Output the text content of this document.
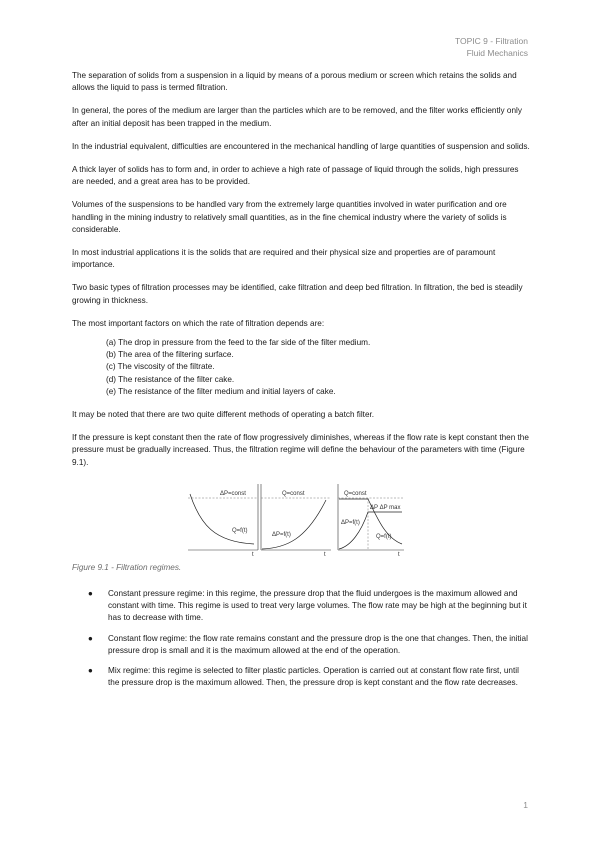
TOPIC 9 - Filtration
Fluid Mechanics

The separation of solids from a suspension in a liquid by means of a porous medium or screen which retains the solids and allows the liquid to pass is termed filtration.

In general, the pores of the medium are larger than the particles which are to be removed, and the filter works efficiently only after an initial deposit has been trapped in the medium.

In the industrial equivalent, difficulties are encountered in the mechanical handling of large quantities of suspension and solids.

A thick layer of solids has to form and, in order to achieve a high rate of passage of liquid through the solids, high pressures are needed, and a great area has to be provided.

Volumes of the suspensions to be handled vary from the extremely large quantities involved in water purification and ore handling in the mining industry to relatively small quantities, as in the fine chemical industry where the variety of solids is considerable.

In most industrial applications it is the solids that are required and their physical size and properties are of paramount importance.

Two basic types of filtration processes may be identified, cake filtration and deep bed filtration. In filtration, the bed is steadily growing in thickness.

The most important factors on which the rate of filtration depends are:

(a) The drop in pressure from the feed to the far side of the filter medium.
(b) The area of the filtering surface.
(c) The viscosity of the filtrate.
(d) The resistance of the filter cake.
(e) The resistance of the filter medium and initial layers of cake.

It may be noted that there are two quite different methods of operating a batch filter.

If the pressure is kept constant then the rate of flow progressively diminishes, whereas if the flow rate is kept constant then the pressure must be gradually increased. Thus, the filtration regime will define the behaviour of the parameters with time (Figure 9.1).

ΔP=const
Q=f(t)
t
Q=const
ΔP=f(t)
t
Q=const
ΔP ΔP max
ΔP=f(t)
Q=f(t)
t
Figure 9.1 - Filtration regimes.
● Constant pressure regime: in this regime, the pressure drop that the fluid undergoes is the maximum allowed and constant with time. This regime is used to treat very large volumes. The flow rate may be high at the beginning but it has to decrease with time.
● Constant flow regime: the flow rate remains constant and the pressure drop is the one that changes. Then, the initial pressure drop is small and it is the maximum allowed at the end of the operation.
● Mix regime: this regime is selected to filter plastic particles. Operation is carried out at constant flow rate first, until the pressure drop is the maximum allowed. Then, the pressure drop is kept constant and the flow rate decreases.
1
